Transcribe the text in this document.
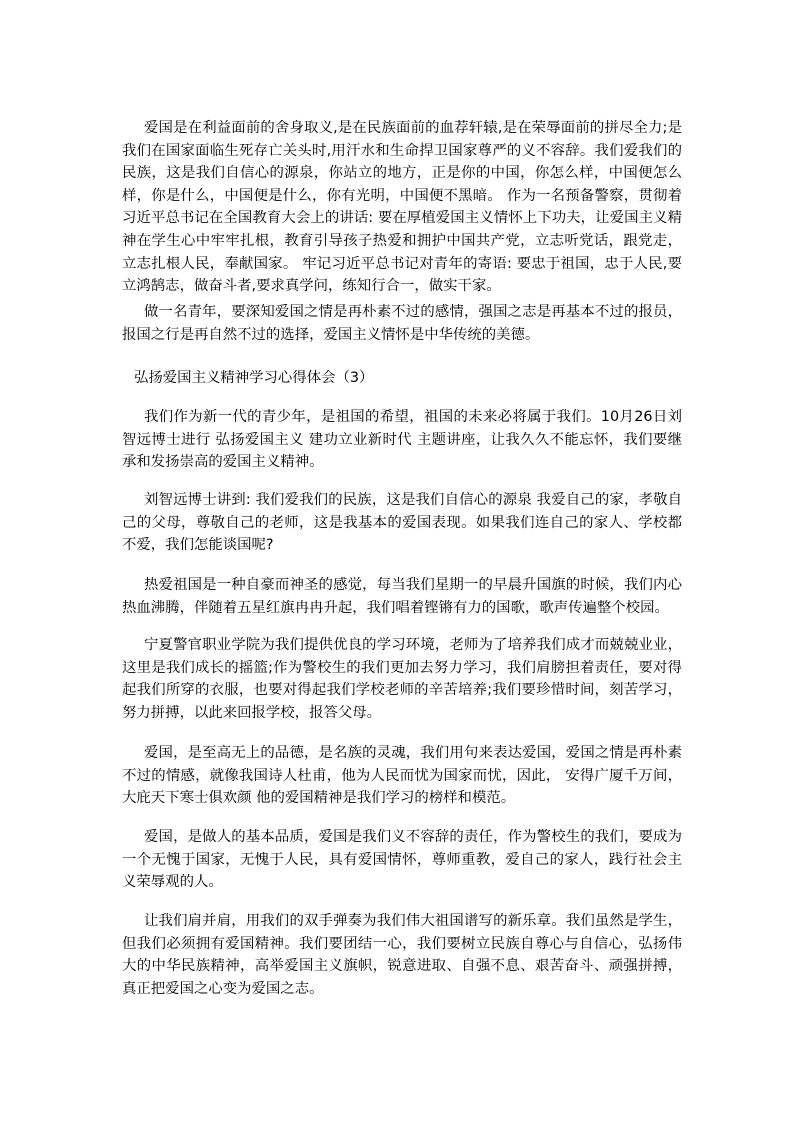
爱国是在利益面前的舍身取义,是在民族面前的血荐轩辕,是在荣辱面前的拼尽全力;是我们在国家面临生死存亡关头时,用汗水和生命捍卫国家尊严的义不容辞。我们爱我们的民族，这是我们自信心的源泉，你站立的地方，正是你的中国，你怎么样，中国便怎么样，你是什么，中国便是什么，你有光明，中国便不黑暗。 作为一名预备警察，贯彻着习近平总书记在全国教育大会上的讲话: 要在厚植爱国主义情怀上下功夫，让爱国主义精神在学生心中牢牢扎根，教育引导孩子热爱和拥护中国共产党，立志听党话，跟党走，立志扎根人民，奉献国家。 牢记习近平总书记对青年的寄语: 要忠于祖国，忠于人民,要立鸿鹄志，做奋斗者,要求真学问，练知行合一，做实干家。

做一名青年，要深知爱国之情是再朴素不过的感情，强国之志是再基本不过的报员，报国之行是再自然不过的选择，爱国主义情怀是中华传统的美德。

弘扬爱国主义精神学习心得体会（3）

我们作为新一代的青少年，是祖国的希望，祖国的未来必将属于我们。10月26日刘智远博士进行 弘扬爱国主义 建功立业新时代 主题讲座，让我久久不能忘怀，我们要继承和发扬崇高的爱国主义精神。

刘智远博士讲到: 我们爱我们的民族，这是我们自信心的源泉 我爱自己的家，孝敬自己的父母，尊敬自己的老师，这是我基本的爱国表现。如果我们连自己的家人、学校都不爱，我们怎能谈国呢?

热爱祖国是一种自豪而神圣的感觉，每当我们星期一的早晨升国旗的时候，我们内心热血沸腾，伴随着五星红旗冉冉升起，我们唱着铿锵有力的国歌，歌声传遍整个校园。

宁夏警官职业学院为我们提供优良的学习环境，老师为了培养我们成才而兢兢业业，这里是我们成长的摇篮;作为警校生的我们更加去努力学习，我们肩膀担着责任，要对得起我们所穿的衣服，也要对得起我们学校老师的辛苦培养;我们要珍惜时间，刻苦学习，努力拼搏，以此来回报学校，报答父母。

爱国，是至高无上的品德，是名族的灵魂，我们用句来表达爱国，爱国之情是再朴素不过的情感，就像我国诗人杜甫，他为人民而忧为国家而忧，因此， 安得广厦千万间，大庇天下寒士俱欢颜 他的爱国精神是我们学习的榜样和模范。

爱国，是做人的基本品质，爱国是我们义不容辞的责任，作为警校生的我们，要成为一个无愧于国家，无愧于人民，具有爱国情怀，尊师重教，爱自己的家人，践行社会主义荣辱观的人。

让我们肩并肩，用我们的双手弹奏为我们伟大祖国谱写的新乐章。我们虽然是学生，但我们必须拥有爱国精神。我们要团结一心，我们要树立民族自尊心与自信心，弘扬伟大的中华民族精神，高举爱国主义旗帜，锐意进取、自强不息、艰苦奋斗、顽强拼搏，真正把爱国之心变为爱国之志。
